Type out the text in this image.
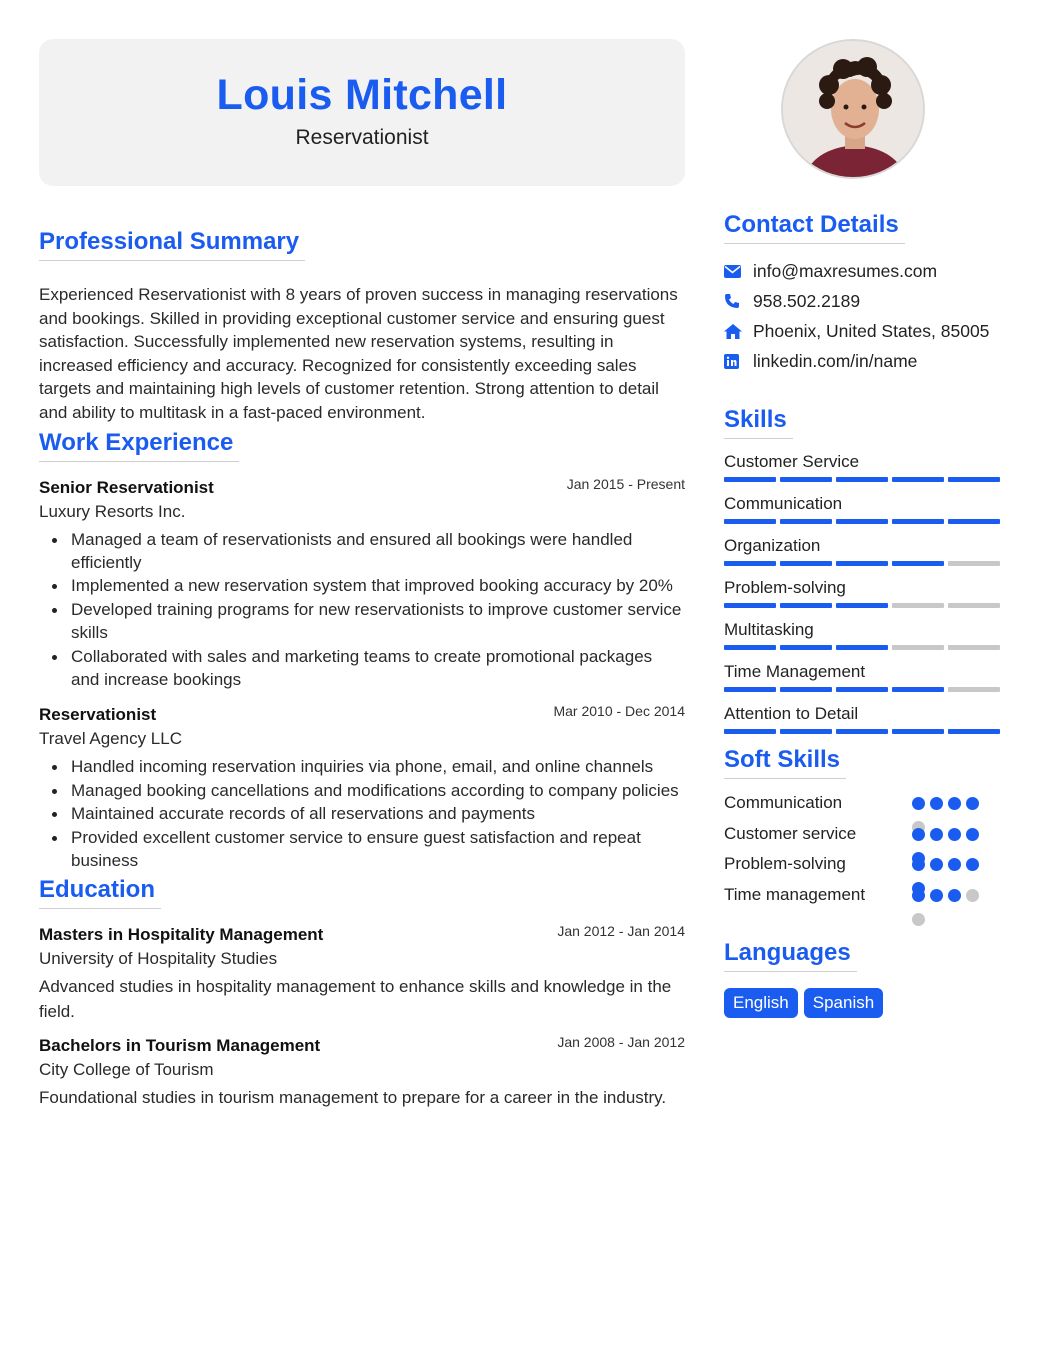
Louis Mitchell
Reservationist
Professional Summary

Experienced Reservationist with 8 years of proven success in managing reservations and bookings. Skilled in providing exceptional customer service and ensuring guest satisfaction. Successfully implemented new reservation systems, resulting in increased efficiency and accuracy. Recognized for consistently exceeding sales targets and maintaining high levels of customer retention. Strong attention to detail and ability to multitask in a fast-paced environment.

Work Experience
Senior Reservationist	Jan 2015 - Present
Luxury Resorts Inc.
Managed a team of reservationists and ensured all bookings were handled efficiently
Implemented a new reservation system that improved booking accuracy by 20%
Developed training programs for new reservationists to improve customer service skills
Collaborated with sales and marketing teams to create promotional packages and increase bookings
Reservationist	Mar 2010 - Dec 2014
Travel Agency LLC
Handled incoming reservation inquiries via phone, email, and online channels
Managed booking cancellations and modifications according to company policies
Maintained accurate records of all reservations and payments
Provided excellent customer service to ensure guest satisfaction and repeat business
Education
Masters in Hospitality Management	Jan 2012 - Jan 2014
University of Hospitality Studies

Advanced studies in hospitality management to enhance skills and knowledge in the field.

Bachelors in Tourism Management	Jan 2008 - Jan 2012
City College of Tourism

Foundational studies in tourism management to prepare for a career in the industry.

Contact Details
info@maxresumes.com
958.502.2189
Phoenix, United States, 85005
linkedin.com/in/name
Skills
Customer Service
Communication
Organization
Problem-solving
Multitasking
Time Management
Attention to Detail
Soft Skills
Communication
Customer service
Problem-solving
Time management
Languages
English	Spanish
